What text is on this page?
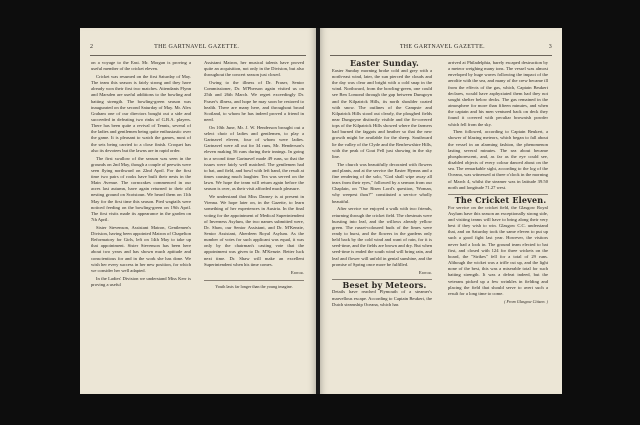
2	THE GARTNAVEL GAZETTE.

on a voyage to the East. Mr. Morgan is proving a useful member of the cricket eleven.

Cricket was resumed on the first Saturday of May. The team this season is fairly strong and they have already won their first two matches. Attendants Flynn and Marsden are useful additions to the bowling and batting strength. The bowling-green season was inaugurated on the second Saturday of May. Mr. Alex Graham one of our directors bought out a side and succeeded in defeating two rinks of G.B.A. players. There has been quite a revival of Tennis, several of the ladies and gentlemen being quite enthusiastic over the game. It is pleasant to watch the games, most of the sets being carried to a close finish. Croquet has also its devotees but the lawns are in rapid order.

The first swallow of the season was seen in the grounds on 2nd May, though a couple of peewits were seen flying northward on 22nd April. For the first time two pairs of rooks have built their nests in the Main Avenue. The corncrakes commenced in our acres last autumn, have again returned to their old nesting ground on Scotstoun. We heard them on 11th May for the first time this season. Pied wagtails were noticed feeding on the bowling-green on 19th April. The first visits made its appearance in the garden on 7th April.

Sister Stevenson, Assistant Matron, Gentlemen's Division, having been appointed Matron of Chapelton Reformatory for Girls, left on 14th May to take up that appointment. Sister Stevenson has been here about two years and has shown much aptitude and conscientious for and in the work she has done. We wish her every success in her new position, for which we consider her well adapted.

In the Ladies' Division we understand Miss Kerr is proving a useful

Assistant Matron, her musical talents have proved quite an acquisition, not only in the Division, but also throughout the concert season just closed.

Owing to the illness of Dr. Fraser, Senior Commissioner, Dr. M'Pherson again visited us on 25th and 26th March. We regret exceedingly Dr. Fraser's illness, and hope he may soon be restored to health. There are many here, and throughout broad Scotland, to whom he has indeed proved a friend in need.

On 10th June, Mr. J. W. Henderson brought out a select choir of ladies and gentlemen, to play a Gartnavel eleven, four of whom were ladies. Gartnavel were all out for 34 runs, Mr. Henderson's eleven making 56 runs during their innings. In going in a second time Gartnavel made 49 runs, so that the issues were fairly well matched. The gentlemen had to bat, and field, and bowl with left hand, the result at times causing much laughter. Tea was served on the lawn. We hope the team will return again before the season is over, as their visit afforded much pleasure.

We understand that Miss Darney is at present in Vienna. We hope later on, in the Gazette, to learn something of her experiences in Austria. In the final voting for the appointment of Medical Superintendent of Inverness Asylum, the two names submitted were, Dr. Shaw, our Senior Assistant, and Dr. M'Kenzie, Senior Assistant, Aberdeen Royal Asylum. As the number of votes for such applicant was equal, it was only by the chairman's casting vote that the appointment was given to Dr. M'Kenzie. Better luck next time. Dr. Shaw will make an excellent Superintendent when his time comes.

Editor.

Youth lasts far longer than the young imagine.

THE GARTNAVEL GAZETTE.	3

Easter Sunday.

Easter Sunday morning broke cold and grey with a north-east wind, later, the sun pierced the clouds and the day was clear and bright with a cold snap in the wind. Northward, from the bowling-green, one could see Ben Lomond through the gap between Dumgoyn and the Kilpatrick Hills, its north shoulder coated with snow. The outlines of the Campsie and Kilpatrick Hills stood out clearly, the ploughed fields near Dungoyne distinctly visible and the fir-covered tops of the Kilpatrick Hills showed where the farmers had burned the faggots and heather so that the new growth might be available for the sheep. Southward lie the valley of the Clyde and the Renfrewshire Hills, with the peak of Goat Fell just showing in the sky line.

The church was beautifully decorated with flowers and plants, and at the service the Easter Hymns and a fine rendering of the solo, "God shall wipe away all tears from their eyes," followed by a sermon from our Chaplain, on "Our Risen Lord's question, 'Woman, why weepest thou?'" constituted a service wholly beautiful.

After service we enjoyed a walk with two friends, returning through the cricket field. The chestnuts were bursting into leaf, and the willows already yellow green. The russet-coloured buds of the limes were ready to burst, and the flowers in the gardens only held back by the cold wind and want of rain, for it is seed-time, and the fields are brown and dry. But when seed-time is ended the south wind will bring rain, and leaf and flower will unfold in genial sunshine, and the promise of Spring once more be fulfilled.

Editor.

Beset by Meteors.

Details have reached Plymouth of a steamer's marvellous escape. According to Captain Beukert, the Dutch steamship Oceana, which has

arrived at Philadelphia, barely escaped destruction by a meteor weighing many tons. The vessel was almost enveloped by huge waves following the impact of the aerolite with the sea, and many of the crew became ill from the effects of the gas, which, Captain Beukert declares, would have asphyxiated them had they not sought shelter below decks. The gas remained in the atmosphere for more than fifteen minutes, and when the captain and his men ventured back on deck they found it covered with peculiar brownish powder which fell from the sky.

Then followed, according to Captain Beukert, a shower of blazing meteors, which began to fall about the vessel in an alarming fashion, the phenomenon lasting several minutes. The sea about became phosphorescent, and, as far as the eye could see, disabled objects of every colour danced about on the sea. The remarkable sight, according to the log of the Oceana, was witnessed at three o'clock in the morning of March 4, whilst the steamer was in latitude 39.50 north and longitude 71.27 west.

The Cricket Eleven.

For service on the cricket field, the Glasgow Royal Asylum have this season an exceptionally strong side, and visiting teams will have to bring along their very best if they wish to win. Glasgow C.C. understand that, and on Saturday took the same eleven to put up such a good fight last year. However, the visitors never had a look in. The ground team elected to bat first, and closed with 124 for three wickets on the board, the "Strikes" fell for a total of 29 runs. Although the wicket was a trifle cut up, and the light none of the best, this was a miserable total for such batting strength. It was a defeat indeed, but the veterans picked up a few wrinkles in fielding and placing the field that should serve to avert such a result for a long time to come.

( From Glasgow Citizen. )
